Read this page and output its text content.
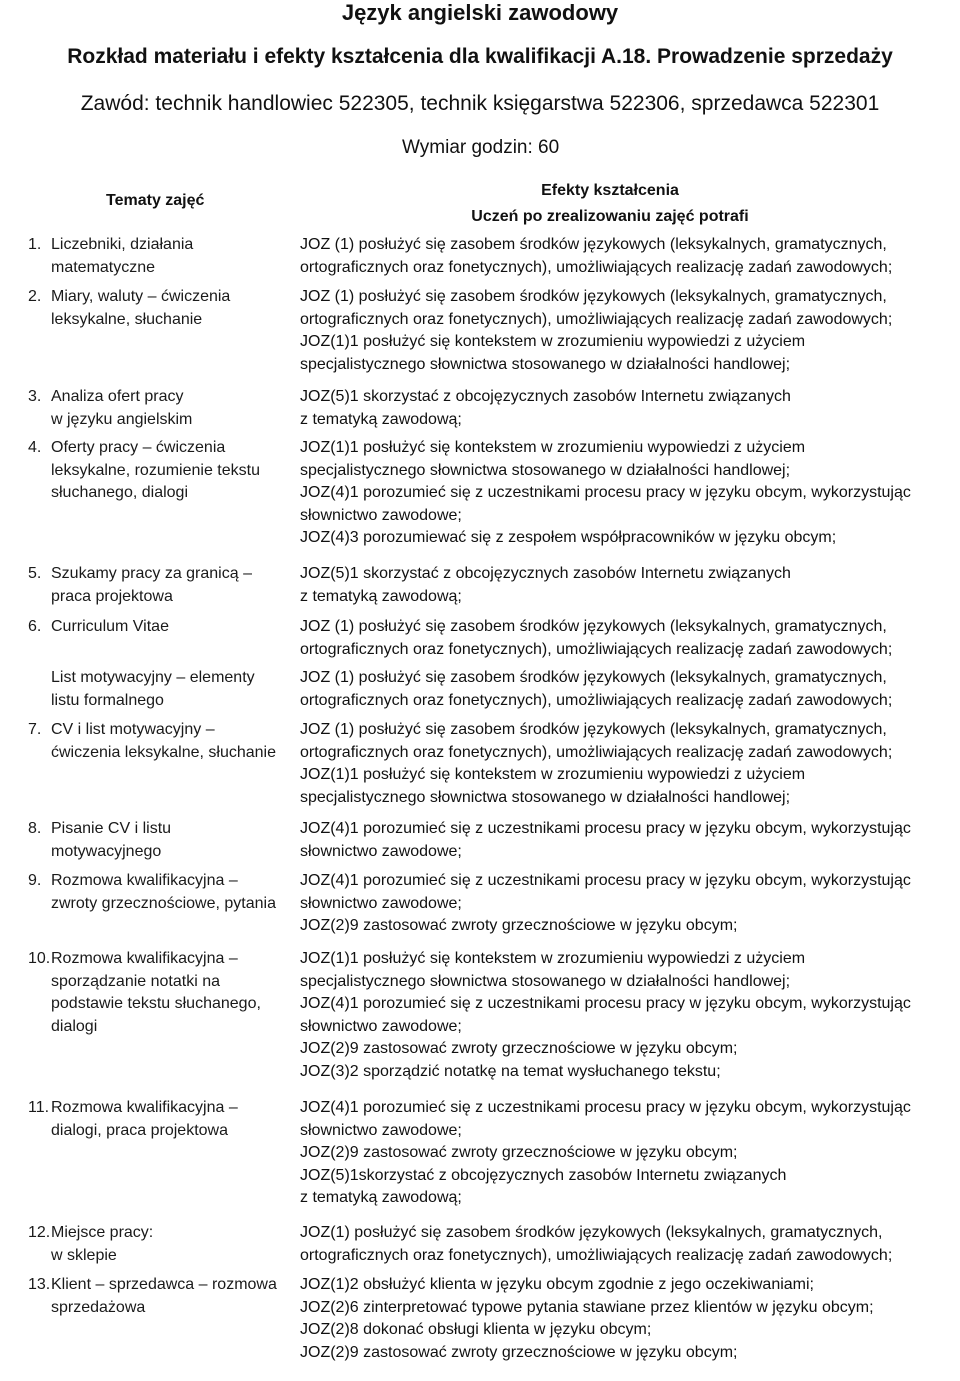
Język angielski zawodowy
Rozkład materiału i efekty kształcenia dla kwalifikacji A.18. Prowadzenie sprzedaży
Zawód: technik handlowiec 522305, technik księgarstwa 522306, sprzedawca 522301
Wymiar godzin: 60
Tematy zajęć
Efekty kształcenia
Uczeń po zrealizowaniu zajęć potrafi
1. Liczebniki, działania
matematyczne

JOZ (1) posłużyć się zasobem środków językowych (leksykalnych, gramatycznych,

ortograficznych oraz fonetycznych), umożliwiających realizację zadań zawodowych;

2. Miary, waluty – ćwiczenia
leksykalne, słuchanie

JOZ (1) posłużyć się zasobem środków językowych (leksykalnych, gramatycznych,

ortograficznych oraz fonetycznych), umożliwiających realizację zadań zawodowych;

JOZ(1)1 posłużyć się kontekstem w zrozumieniu wypowiedzi z użyciem

specjalistycznego słownictwa stosowanego w działalności handlowej;

3. Analiza ofert pracy
w języku angielskim

JOZ(5)1 skorzystać z obcojęzycznych zasobów Internetu związanych

z tematyką zawodową;

4. Oferty pracy – ćwiczenia
leksykalne, rozumienie tekstu
słuchanego, dialogi

JOZ(1)1 posłużyć się kontekstem w zrozumieniu wypowiedzi z użyciem

specjalistycznego słownictwa stosowanego w działalności handlowej;

JOZ(4)1 porozumieć się z uczestnikami procesu pracy w języku obcym, wykorzystując

słownictwo zawodowe;

JOZ(4)3 porozumiewać się z zespołem współpracowników w języku obcym;

5. Szukamy pracy za granicą –
praca projektowa

JOZ(5)1 skorzystać z obcojęzycznych zasobów Internetu związanych

z tematyką zawodową;

6. Curriculum Vitae	JOZ (1) posłużyć się zasobem środków językowych (leksykalnych, gramatycznych,

ortograficznych oraz fonetycznych), umożliwiających realizację zadań zawodowych;

List motywacyjny – elementy
listu formalnego

JOZ (1) posłużyć się zasobem środków językowych (leksykalnych, gramatycznych,

ortograficznych oraz fonetycznych), umożliwiających realizację zadań zawodowych;

7. CV i list motywacyjny –
ćwiczenia leksykalne, słuchanie

JOZ (1) posłużyć się zasobem środków językowych (leksykalnych, gramatycznych,

ortograficznych oraz fonetycznych), umożliwiających realizację zadań zawodowych;

JOZ(1)1 posłużyć się kontekstem w zrozumieniu wypowiedzi z użyciem

specjalistycznego słownictwa stosowanego w działalności handlowej;

8. Pisanie CV i listu
motywacyjnego

JOZ(4)1 porozumieć się z uczestnikami procesu pracy w języku obcym, wykorzystując

słownictwo zawodowe;

9. Rozmowa kwalifikacyjna –
zwroty grzecznościowe, pytania

JOZ(4)1 porozumieć się z uczestnikami procesu pracy w języku obcym, wykorzystując

słownictwo zawodowe;

JOZ(2)9 zastosować zwroty grzecznościowe w języku obcym;

10. Rozmowa kwalifikacyjna –
sporządzanie notatki na
podstawie tekstu słuchanego,
dialogi

JOZ(1)1 posłużyć się kontekstem w zrozumieniu wypowiedzi z użyciem

specjalistycznego słownictwa stosowanego w działalności handlowej;

JOZ(4)1 porozumieć się z uczestnikami procesu pracy w języku obcym, wykorzystując

słownictwo zawodowe;

JOZ(2)9 zastosować zwroty grzecznościowe w języku obcym;

JOZ(3)2 sporządzić notatkę na temat wysłuchanego tekstu;

11. Rozmowa kwalifikacyjna –
dialogi, praca projektowa

JOZ(4)1 porozumieć się z uczestnikami procesu pracy w języku obcym, wykorzystując

słownictwo zawodowe;

JOZ(2)9 zastosować zwroty grzecznościowe w języku obcym;

JOZ(5)1skorzystać z obcojęzycznych zasobów Internetu związanych

z tematyką zawodową;

12. Miejsce pracy:
w sklepie

JOZ(1) posłużyć się zasobem środków językowych (leksykalnych, gramatycznych,

ortograficznych oraz fonetycznych), umożliwiających realizację zadań zawodowych;

13. Klient – sprzedawca – rozmowa
sprzedażowa

JOZ(1)2 obsłużyć klienta w języku obcym zgodnie z jego oczekiwaniami;

JOZ(2)6 zinterpretować typowe pytania stawiane przez klientów w języku obcym;

JOZ(2)8 dokonać obsługi klienta w języku obcym;

JOZ(2)9 zastosować zwroty grzecznościowe w języku obcym;
